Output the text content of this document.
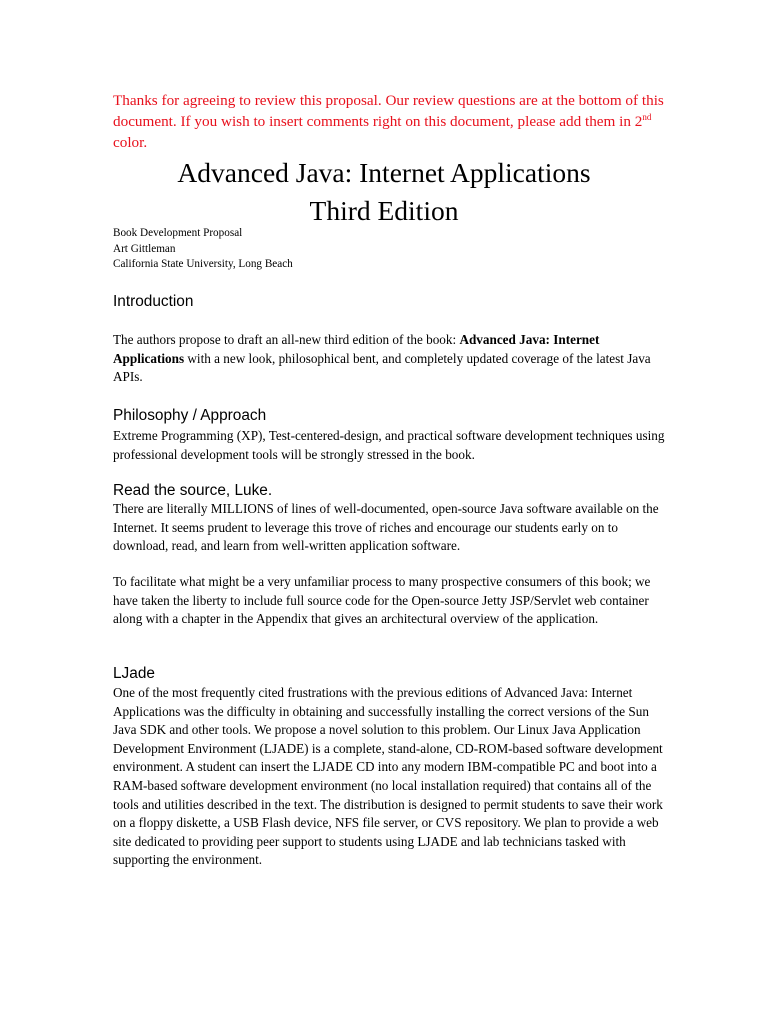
Thanks for agreeing to review this proposal. Our review questions are at the bottom of this document. If you wish to insert comments right on this document, please add them in 2nd color.

Advanced Java: Internet Applications
Third Edition
Book Development Proposal
Art Gittleman
California State University, Long Beach
Introduction

The authors propose to draft an all-new third edition of the book: Advanced Java: Internet Applications with a new look, philosophical bent, and completely updated coverage of the latest Java APIs.

Philosophy / Approach

Extreme Programming (XP), Test-centered-design, and practical software development techniques using professional development tools will be strongly stressed in the book.

Read the source, Luke.

There are literally MILLIONS of lines of well-documented, open-source Java software available on the Internet. It seems prudent to leverage this trove of riches and encourage our students early on to download, read, and learn from well-written application software.

To facilitate what might be a very unfamiliar process to many prospective consumers of this book; we have taken the liberty to include full source code for the Open-source Jetty JSP/Servlet web container along with a chapter in the Appendix that gives an architectural overview of the application.

LJade

One of the most frequently cited frustrations with the previous editions of Advanced Java: Internet Applications was the difficulty in obtaining and successfully installing the correct versions of the Sun Java SDK and other tools. We propose a novel solution to this problem. Our Linux Java Application Development Environment (LJADE) is a complete, stand-alone, CD-ROM-based software development environment. A student can insert the LJADE CD into any modern IBM-compatible PC and boot into a RAM-based software development environment (no local installation required) that contains all of the tools and utilities described in the text. The distribution is designed to permit students to save their work on a floppy diskette, a USB Flash device, NFS file server, or CVS repository. We plan to provide a web site dedicated to providing peer support to students using LJADE and lab technicians tasked with supporting the environment.
